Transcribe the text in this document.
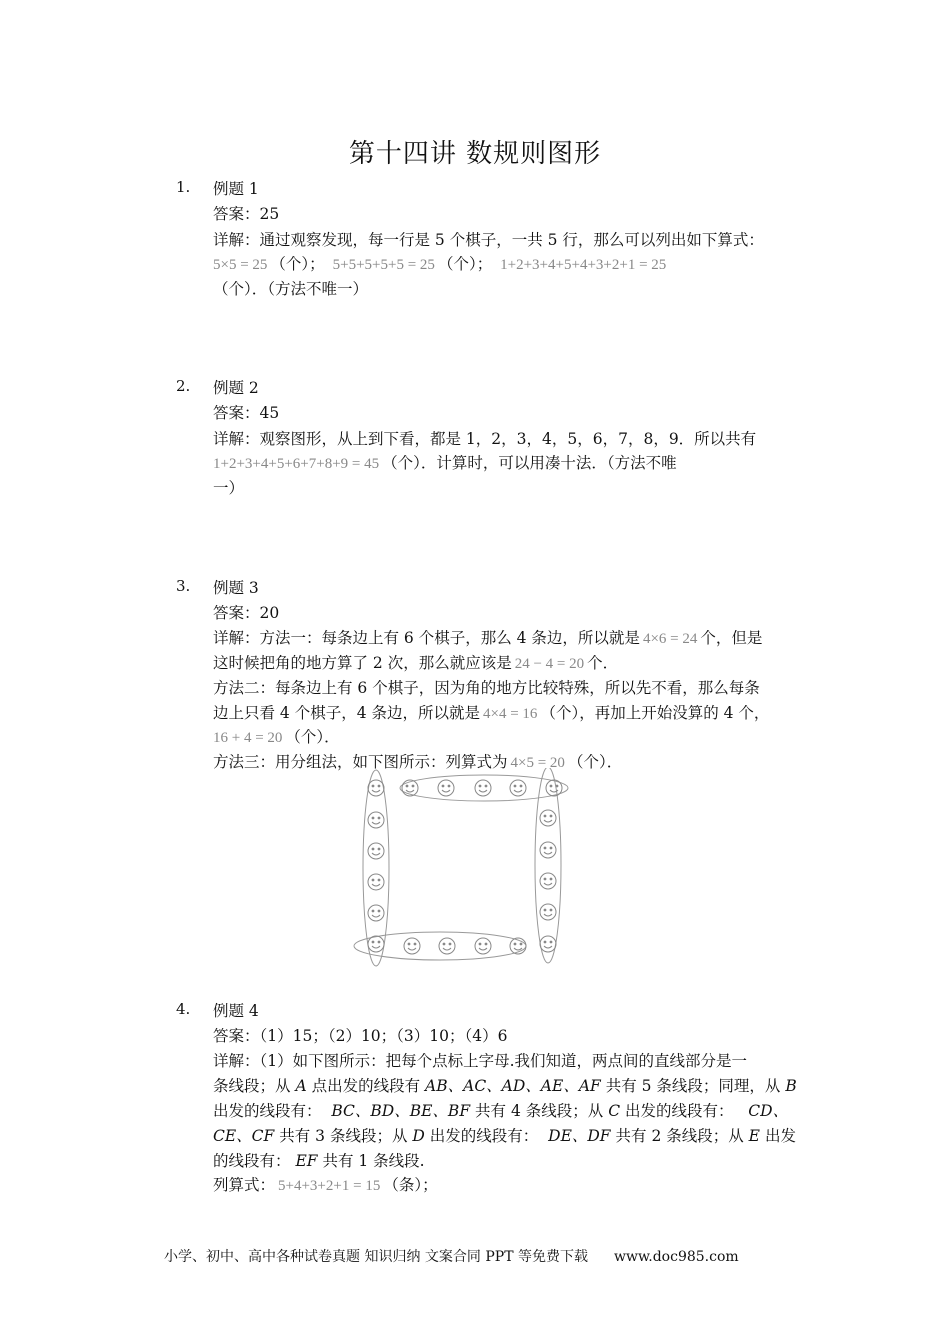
第十四讲 数规则图形
1. 例题 1
答案：25
详解：通过观察发现，每一行是 5 个棋子，一共 5 行，那么可以列出如下算式：
5×5 = 25 （个）； 5+5+5+5+5 = 25 （个）； 1+2+3+4+5+4+3+2+1 = 25
（个）．（方法不唯一）
2. 例题 2
答案：45
详解：观察图形，从上到下看，都是 1，2，3，4，5，6，7，8，9．所以共有
1+2+3+4+5+6+7+8+9 = 45 （个）．计算时，可以用凑十法．（方法不唯
一）
3. 例题 3
答案：20
详解：方法一：每条边上有 6 个棋子，那么 4 条边，所以就是 4×6 = 24 个，但是
这时候把角的地方算了 2 次，那么就应该是 24 − 4 = 20 个．
方法二：每条边上有 6 个棋子，因为角的地方比较特殊，所以先不看，那么每条
边上只看 4 个棋子，4 条边，所以就是 4×4 = 16 （个），再加上开始没算的 4 个，
16 + 4 = 20 （个）．
方法三：用分组法，如下图所示：列算式为 4×5 = 20 （个）．
4. 例题 4
答案：（1）15；（2）10；（3）10；（4）6
详解：（1）如下图所示：把每个点标上字母.我们知道，两点间的直线部分是一
条线段；从 A 点出发的线段有 AB、AC、AD、AE、AF 共有 5 条线段；同理，从 B
出发的线段有： BC、BD、BE、BF 共有 4 条线段；从 C 出发的线段有： CD、
CE、CF 共有 3 条线段；从 D 出发的线段有： DE、DF 共有 2 条线段；从 E 出发
的线段有： EF 共有 1 条线段.
列算式： 5+4+3+2+1 = 15 （条）；
小学、初中、高中各种试卷真题 知识归纳 文案合同 PPT 等免费下载 www.doc985.com
